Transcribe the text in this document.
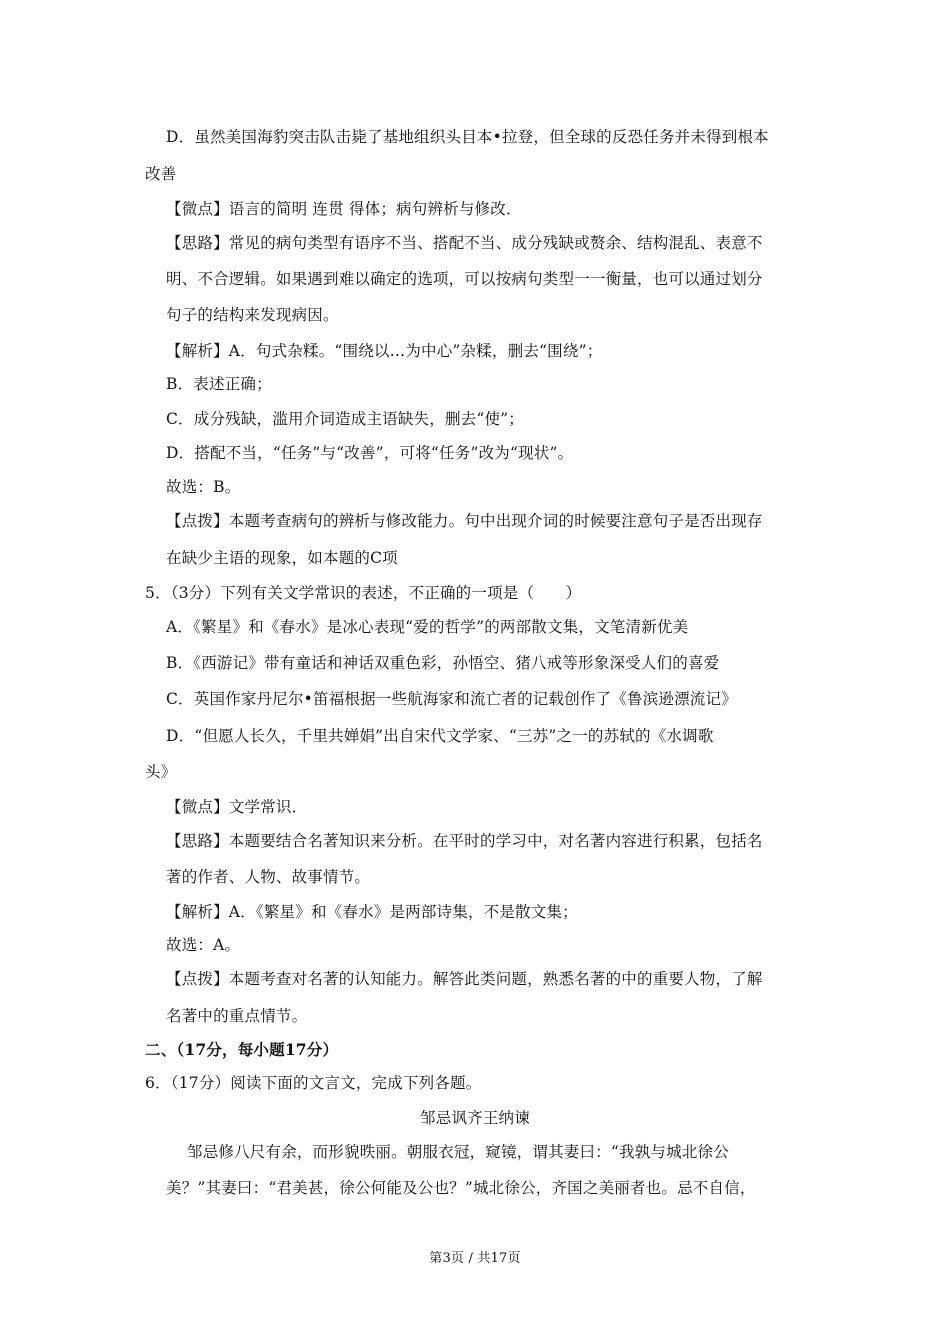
D．虽然美国海豹突击队击毙了基地组织头目本•拉登，但全球的反恐任务并未得到根本
改善
【微点】语言的简明 连贯 得体；病句辨析与修改．
【思路】常见的病句类型有语序不当、搭配不当、成分残缺或赘余、结构混乱、表意不
明、不合逻辑。如果遇到难以确定的选项，可以按病句类型一一衡量，也可以通过划分
句子的结构来发现病因。
【解析】A．句式杂糅。“围绕以…为中心”杂糅，删去“围绕”；
B．表述正确；
C．成分残缺，滥用介词造成主语缺失，删去“使”；
D．搭配不当，“任务”与“改善”，可将“任务”改为“现状”。
故选：B。
【点拨】本题考查病句的辨析与修改能力。句中出现介词的时候要注意句子是否出现存
在缺少主语的现象，如本题的C项
5．（3分）下列有关文学常识的表述，不正确的一项是（　　）
A．《繁星》和《春水》是冰心表现“爱的哲学”的两部散文集，文笔清新优美
B．《西游记》带有童话和神话双重色彩，孙悟空、猪八戒等形象深受人们的喜爱
C．英国作家丹尼尔•笛福根据一些航海家和流亡者的记载创作了《鲁滨逊漂流记》
D．“但愿人长久，千里共婵娟”出自宋代文学家、“三苏”之一的苏轼的《水调歌
头》
【微点】文学常识．
【思路】本题要结合名著知识来分析。在平时的学习中，对名著内容进行积累，包括名
著的作者、人物、故事情节。
【解析】A．《繁星》和《春水》是两部诗集，不是散文集；
故选：A。
【点拨】本题考查对名著的认知能力。解答此类问题，熟悉名著的中的重要人物，了解
名著中的重点情节。
二、（17分，每小题17分）
6．（17分）阅读下面的文言文，完成下列各题。
邹忌讽齐王纳谏
邹忌修八尺有余，而形貌昳丽。朝服衣冠，窥镜，谓其妻曰：“我孰与城北徐公
美？”其妻曰：“君美甚，徐公何能及公也？”城北徐公，齐国之美丽者也。忌不自信，
第3页 / 共17页
